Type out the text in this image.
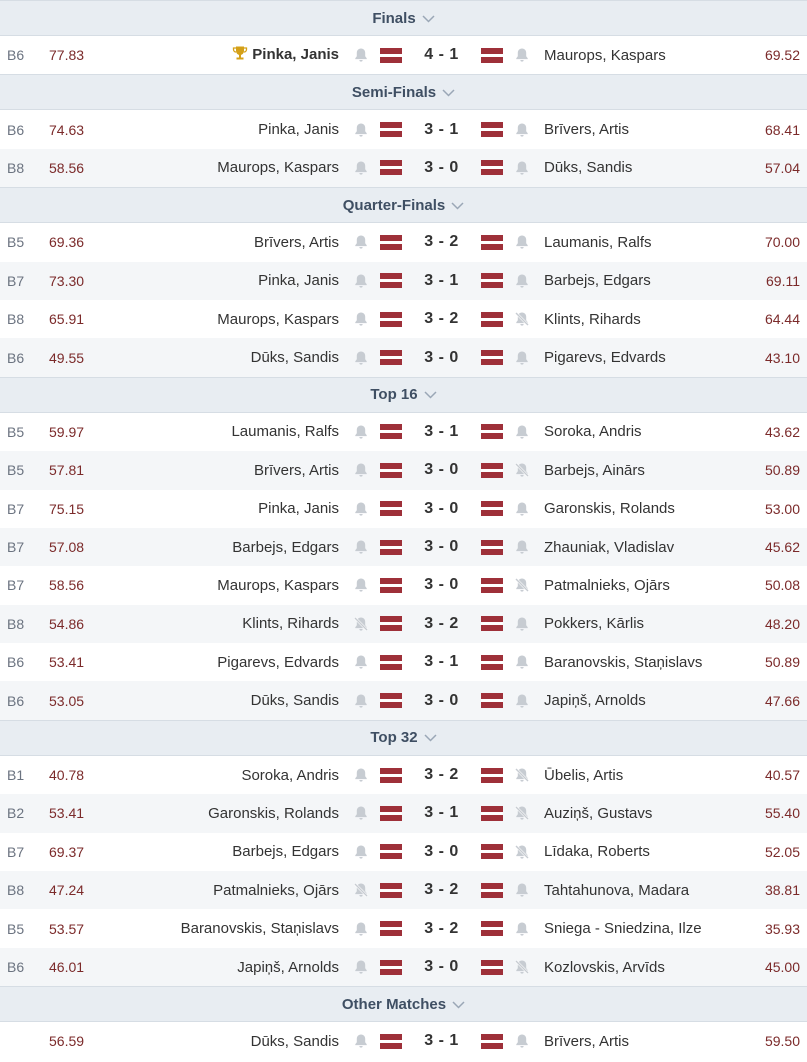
Finals
B6	77.83	Pinka, Janis	4 - 1	Maurops, Kaspars	69.52
Semi-Finals
B6	74.63	Pinka, Janis	3 - 1	Brīvers, Artis	68.41
B8	58.56	Maurops, Kaspars	3 - 0	Dūks, Sandis	57.04
Quarter-Finals
B5	69.36	Brīvers, Artis	3 - 2	Laumanis, Ralfs	70.00
B7	73.30	Pinka, Janis	3 - 1	Barbejs, Edgars	69.11
B8	65.91	Maurops, Kaspars	3 - 2	Klints, Rihards	64.44
B6	49.55	Dūks, Sandis	3 - 0	Pigarevs, Edvards	43.10
Top 16
B5	59.97	Laumanis, Ralfs	3 - 1	Soroka, Andris	43.62
B5	57.81	Brīvers, Artis	3 - 0	Barbejs, Ainārs	50.89
B7	75.15	Pinka, Janis	3 - 0	Garonskis, Rolands	53.00
B7	57.08	Barbejs, Edgars	3 - 0	Zhauniak, Vladislav	45.62
B7	58.56	Maurops, Kaspars	3 - 0	Patmalnieks, Ojārs	50.08
B8	54.86	Klints, Rihards	3 - 2	Pokkers, Kārlis	48.20
B6	53.41	Pigarevs, Edvards	3 - 1	Baranovskis, Staņislavs	50.89
B6	53.05	Dūks, Sandis	3 - 0	Japiņš, Arnolds	47.66
Top 32
B1	40.78	Soroka, Andris	3 - 2	Ūbelis, Artis	40.57
B2	53.41	Garonskis, Rolands	3 - 1	Auziņš, Gustavs	55.40
B7	69.37	Barbejs, Edgars	3 - 0	Līdaka, Roberts	52.05
B8	47.24	Patmalnieks, Ojārs	3 - 2	Tahtahunova, Madara	38.81
B5	53.57	Baranovskis, Staņislavs	3 - 2	Sniega - Sniedzina, Ilze	35.93
B6	46.01	Japiņš, Arnolds	3 - 0	Kozlovskis, Arvīds	45.00
Other Matches
56.59	Dūks, Sandis	3 - 1	Brīvers, Artis	59.50
